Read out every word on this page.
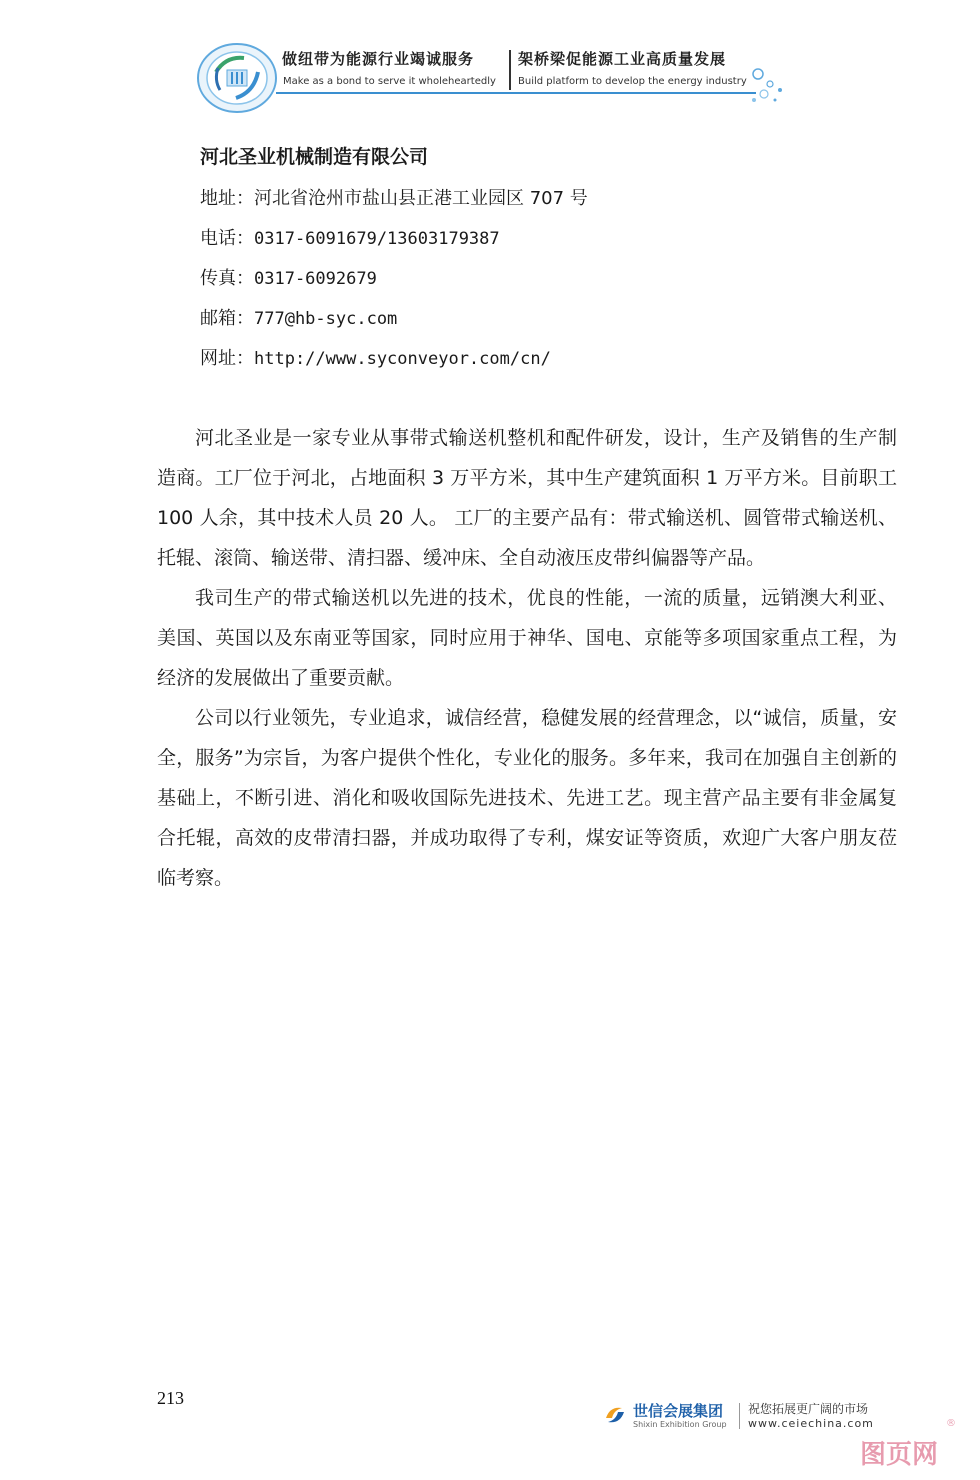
做纽带为能源行业竭诚服务	架桥梁促能源工业高质量发展
Make as a bond to serve it wholeheartedly Build platform to develop the energy industry
河北圣业机械制造有限公司
地址：河北省沧州市盐山县正港工业园区 707 号
电话：0317-6091679/13603179387
传真：0317-6092679
邮箱：777@hb-syc.com
网址：http://www.syconveyor.com/cn/

河北圣业是一家专业从事带式输送机整机和配件研发，设计，生产及销售的生产制造商。工厂位于河北，占地面积 3 万平方米，其中生产建筑面积 1 万平方米。目前职工 100 人余，其中技术人员 20 人。 工厂的主要产品有：带式输送机、圆管带式输送机、托辊、滚筒、输送带、清扫器、缓冲床、全自动液压皮带纠偏器等产品。

我司生产的带式输送机以先进的技术，优良的性能，一流的质量，远销澳大利亚、美国、英国以及东南亚等国家，同时应用于神华、国电、京能等多项国家重点工程，为经济的发展做出了重要贡献。

公司以行业领先，专业追求，诚信经营，稳健发展的经营理念，以“诚信，质量，安全，服务”为宗旨，为客户提供个性化，专业化的服务。多年来，我司在加强自主创新的基础上，不断引进、消化和吸收国际先进技术、先进工艺。现主营产品主要有非金属复合托辊，高效的皮带清扫器，并成功取得了专利，煤安证等资质，欢迎广大客户朋友莅临考察。

213
世信会展集团
Shixin Exhibition Group
祝您拓展更广阔的市场
www.ceiechina.com	®
图页网
